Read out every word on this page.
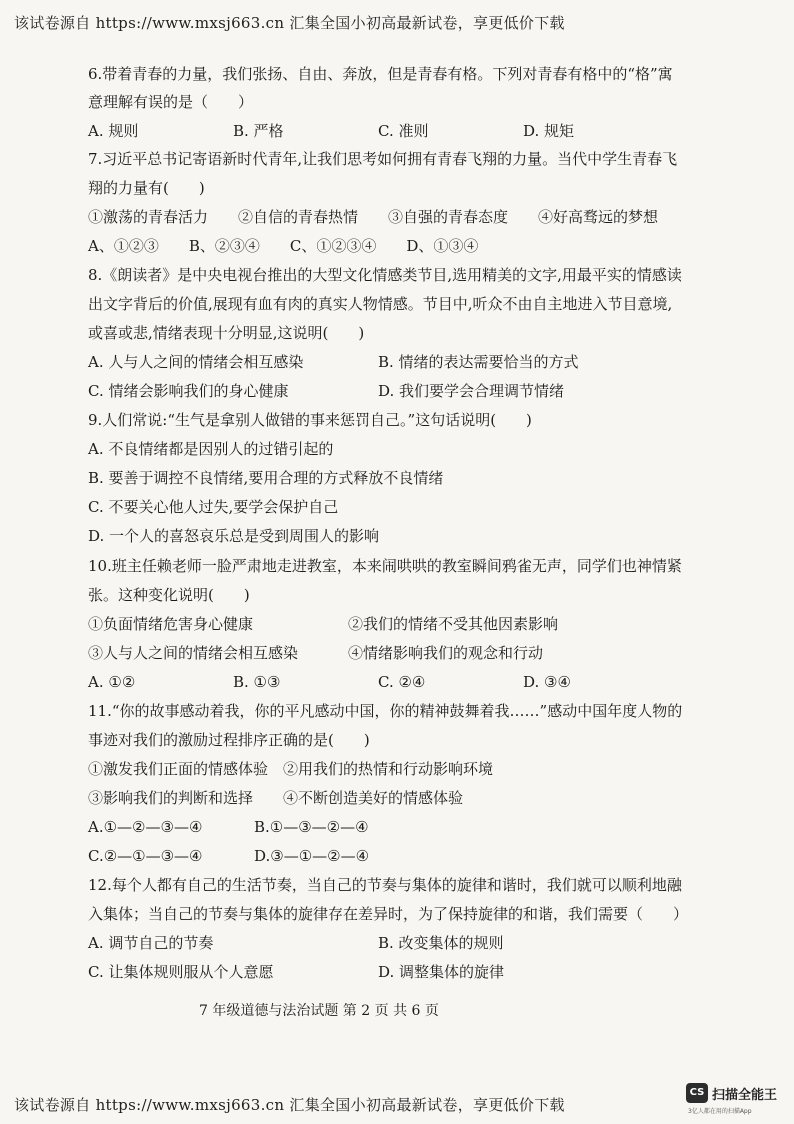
该试卷源自 https://www.mxsj663.cn 汇集全国小初高最新试卷，享更低价下载
6.带着青春的力量，我们张扬、自由、奔放，但是青春有格。下列对青春有格中的“格”寓
意理解有误的是（　　）
A. 规则	B. 严格	C. 准则	D. 规矩
7.习近平总书记寄语新时代青年,让我们思考如何拥有青春飞翔的力量。当代中学生青春飞
翔的力量有(　　)
①激荡的青春活力　　②自信的青春热情　　③自强的青春态度　　④好高骛远的梦想
A、①②③　　B、②③④　　C、①②③④　　D、①③④
8.《朗读者》是中央电视台推出的大型文化情感类节目,选用精美的文字,用最平实的情感读
出文字背后的价值,展现有血有肉的真实人物情感。节目中,听众不由自主地进入节目意境,
或喜或悲,情绪表现十分明显,这说明(　　)
A. 人与人之间的情绪会相互感染	B. 情绪的表达需要恰当的方式
C. 情绪会影响我们的身心健康	D. 我们要学会合理调节情绪
9.人们常说:“生气是拿别人做错的事来惩罚自己。”这句话说明(　　)
A. 不良情绪都是因别人的过错引起的
B. 要善于调控不良情绪,要用合理的方式释放不良情绪
C. 不要关心他人过失,要学会保护自己
D. 一个人的喜怒哀乐总是受到周围人的影响
10.班主任赖老师一脸严肃地走进教室，本来闹哄哄的教室瞬间鸦雀无声，同学们也神情紧
张。这种变化说明(　　)
①负面情绪危害身心健康	②我们的情绪不受其他因素影响
③人与人之间的情绪会相互感染	④情绪影响我们的观念和行动
A. ①②	B. ①③	C. ②④	D. ③④
11.“你的故事感动着我，你的平凡感动中国，你的精神鼓舞着我……”感动中国年度人物的
事迹对我们的激励过程排序正确的是(　　)
①激发我们正面的情感体验　②用我们的热情和行动影响环境
③影响我们的判断和选择　　④不断创造美好的情感体验
A.①—②—③—④	B.①—③—②—④
C.②—①—③—④	D.③—①—②—④
12.每个人都有自己的生活节奏，当自己的节奏与集体的旋律和谐时，我们就可以顺利地融
入集体；当自己的节奏与集体的旋律存在差异时，为了保持旋律的和谐，我们需要（　　）
A. 调节自己的节奏	B. 改变集体的规则
C. 让集体规则服从个人意愿	D. 调整集体的旋律
7 年级道德与法治试题 第 2 页 共 6 页
该试卷源自 https://www.mxsj663.cn 汇集全国小初高最新试卷，享更低价下载
CS 扫描全能王
3亿人都在用的扫描App
